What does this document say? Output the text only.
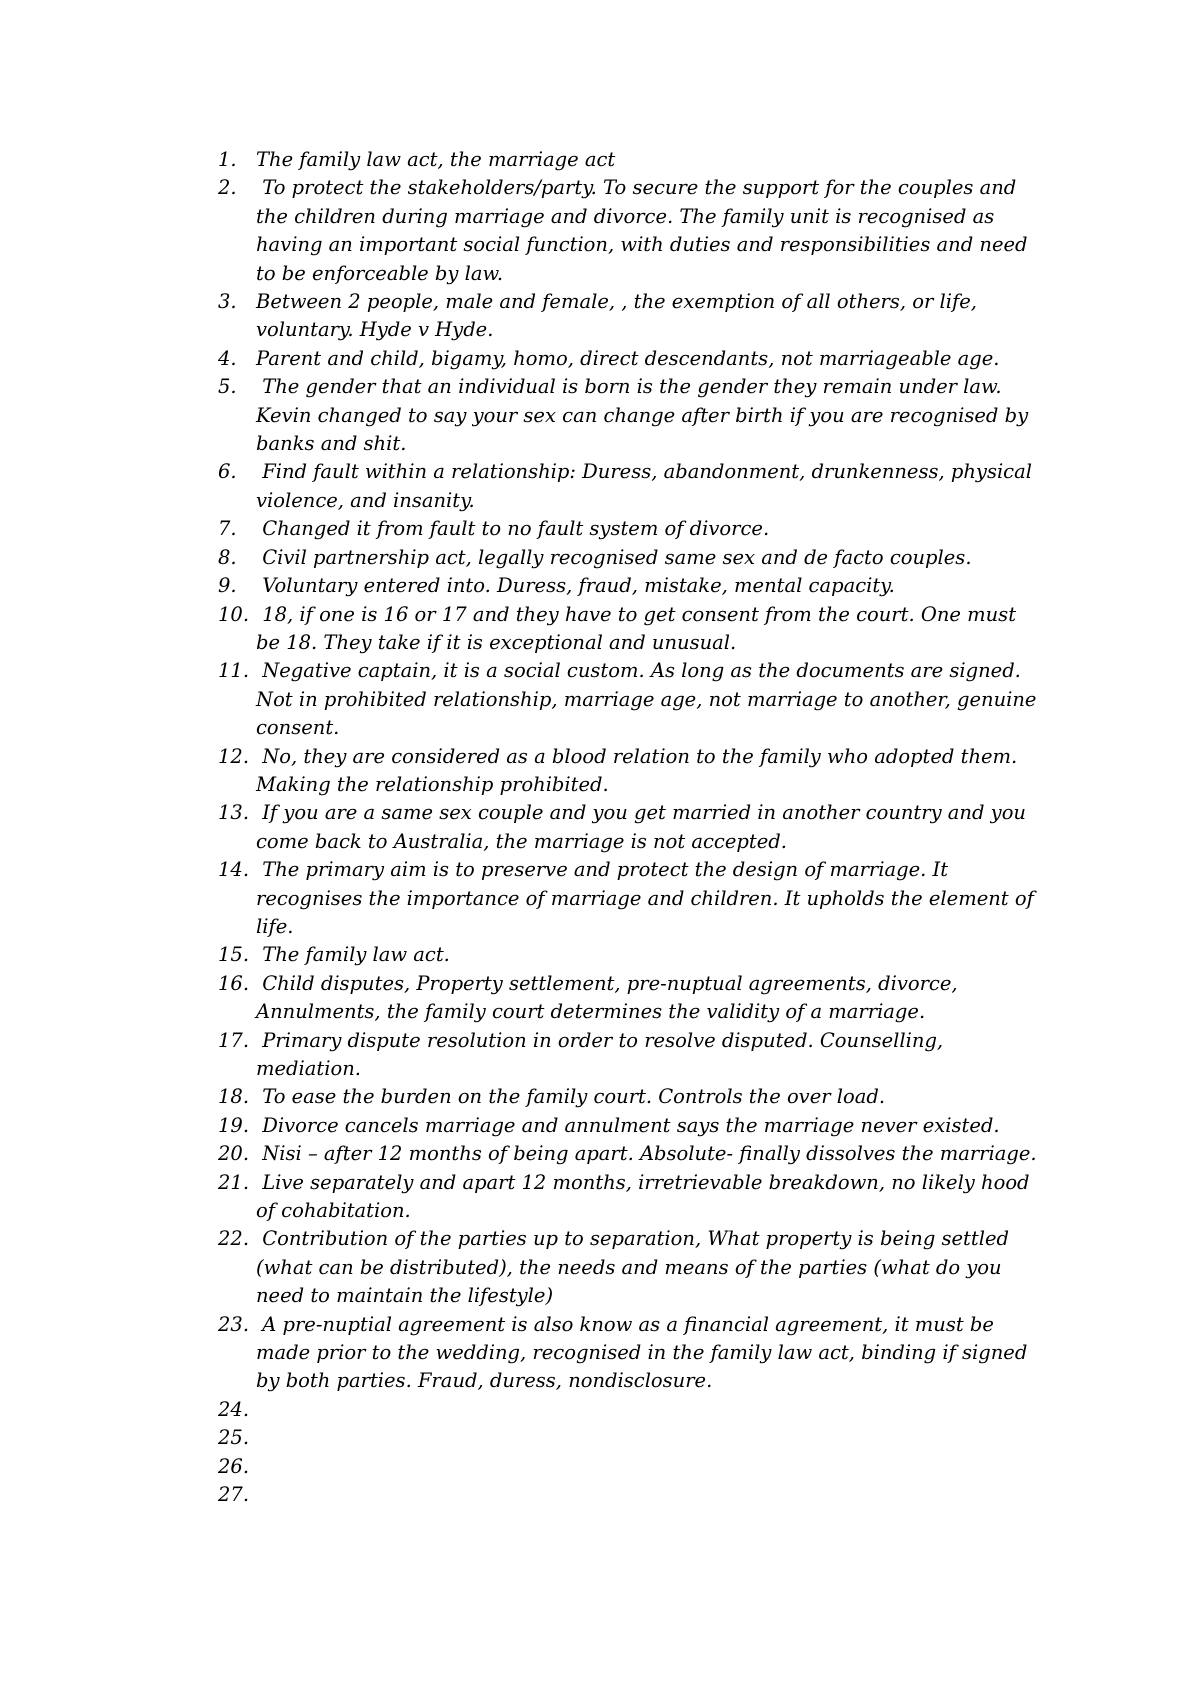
1. The family law act, the marriage act
2.	To protect the stakeholders/party. To secure the support for the couples and the children during marriage and divorce. The family unit is recognised as having an important social function, with duties and responsibilities and need to be enforceable by law.
3. Between 2 people, male and female, , the exemption of all others, or life, voluntary. Hyde v Hyde.
4. Parent and child, bigamy, homo, direct descendants, not marriageable age.
5.	The gender that an individual is born is the gender they remain under law. Kevin changed to say your sex can change after birth if you are recognised by banks and shit.
6.	Find fault within a relationship: Duress, abandonment, drunkenness, physical violence, and insanity.
7.	Changed it from fault to no fault system of divorce.
8.	Civil partnership act, legally recognised same sex and de facto couples.
9.	Voluntary entered into. Duress, fraud, mistake, mental capacity.
10. 18, if one is 16 or 17 and they have to get consent from the court. One must be 18. They take if it is exceptional and unusual.
11. Negative captain, it is a social custom. As long as the documents are signed. Not in prohibited relationship, marriage age, not marriage to another, genuine consent.
12. No, they are considered as a blood relation to the family who adopted them. Making the relationship prohibited.
13. If you are a same sex couple and you get married in another country and you come back to Australia, the marriage is not accepted.
14. The primary aim is to preserve and protect the design of marriage. It recognises the importance of marriage and children. It upholds the element of life.
15. The family law act.
16. Child disputes, Property settlement, pre-nuptual agreements, divorce, Annulments, the family court determines the validity of a marriage.
17. Primary dispute resolution in order to resolve disputed. Counselling, mediation.
18. To ease the burden on the family court. Controls the over load.
19. Divorce cancels marriage and annulment says the marriage never existed.
20. Nisi – after 12 months of being apart. Absolute- finally dissolves the marriage.
21. Live separately and apart 12 months, irretrievable breakdown, no likely hood of cohabitation.
22. Contribution of the parties up to separation, What property is being settled (what can be distributed), the needs and means of the parties (what do you need to maintain the lifestyle)
23. A pre-nuptial agreement is also know as a financial agreement, it must be made prior to the wedding, recognised in the family law act, binding if signed by both parties. Fraud, duress, nondisclosure.
24.
25.
26.
27.
